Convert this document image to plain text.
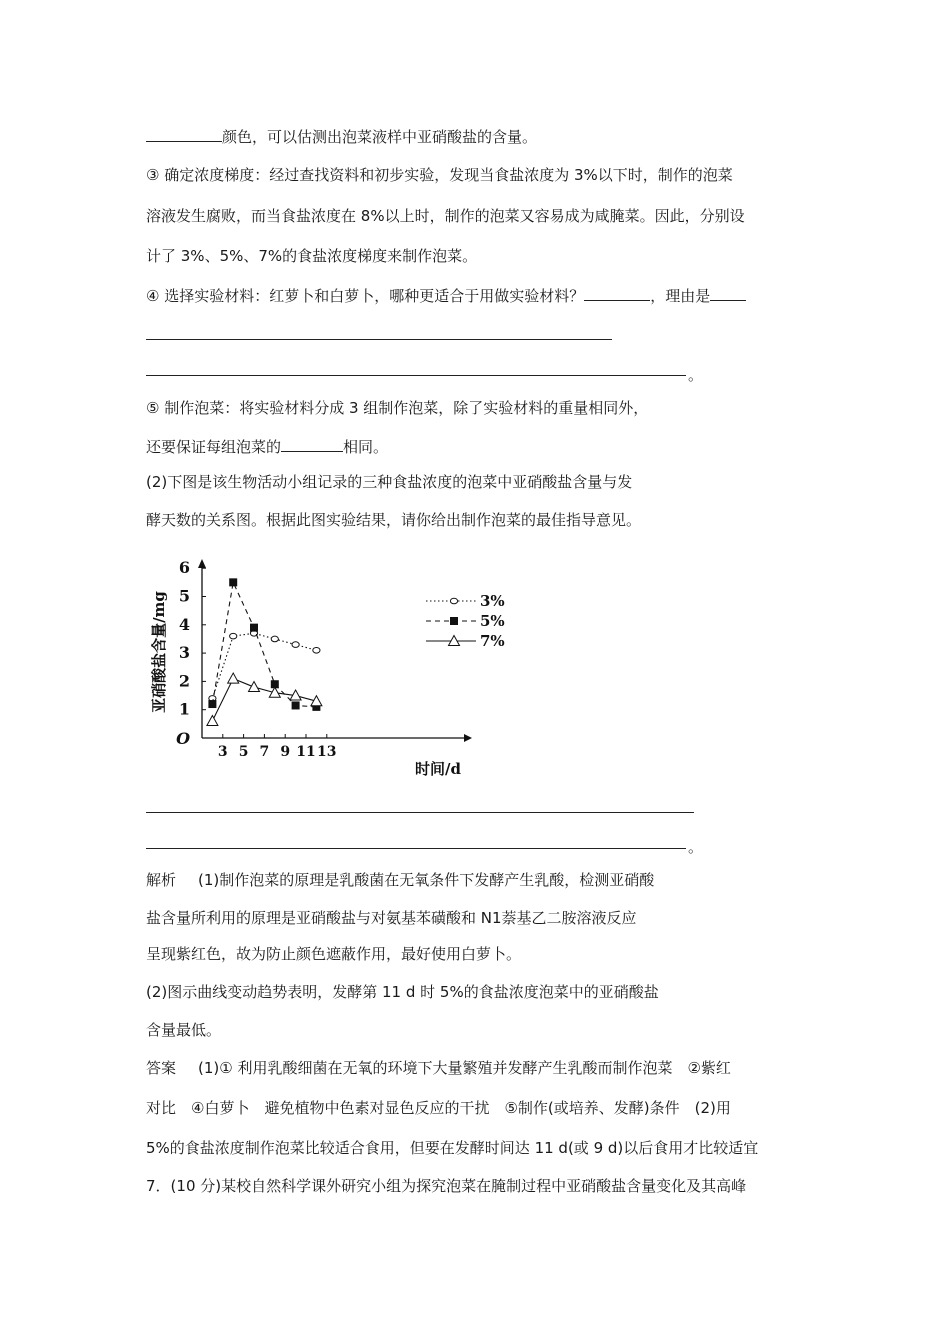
颜色，可以估测出泡菜液样中亚硝酸盐的含量。
③ 确定浓度梯度：经过查找资料和初步实验，发现当食盐浓度为 3%以下时，制作的泡菜
溶液发生腐败，而当食盐浓度在 8%以上时，制作的泡菜又容易成为咸腌菜。因此，分别设
计了 3%、5%、7%的食盐浓度梯度来制作泡菜。
④ 选择实验材料：红萝卜和白萝卜，哪种更适合于用做实验材料？	，理由是
。
⑤ 制作泡菜：将实验材料分成 3 组制作泡菜，除了实验材料的重量相同外，
还要保证每组泡菜的	相同。
(2)下图是该生物活动小组记录的三种食盐浓度的泡菜中亚硝酸盐含量与发
酵天数的关系图。根据此图实验结果，请你给出制作泡菜的最佳指导意见。
3 5 7 9 11 13
1
2
3
4
5
6
O
时间/d
亚硝酸盐含量/mg	3%
5%
7%
。
解析 (1)制作泡菜的原理是乳酸菌在无氧条件下发酵产生乳酸，检测亚硝酸
盐含量所利用的原理是亚硝酸盐与对氨基苯磺酸和 N1萘基乙二胺溶液反应
呈现紫红色，故为防止颜色遮蔽作用，最好使用白萝卜。
(2)图示曲线变动趋势表明，发酵第 11 d 时 5%的食盐浓度泡菜中的亚硝酸盐
含量最低。
答案 (1)① 利用乳酸细菌在无氧的环境下大量繁殖并发酵产生乳酸而制作泡菜　②紫红
对比　④白萝卜　避免植物中色素对显色反应的干扰　⑤制作(或培养、发酵)条件　(2)用
5%的食盐浓度制作泡菜比较适合食用，但要在发酵时间达 11 d(或 9 d)以后食用才比较适宜
7．(10 分)某校自然科学课外研究小组为探究泡菜在腌制过程中亚硝酸盐含量变化及其高峰
